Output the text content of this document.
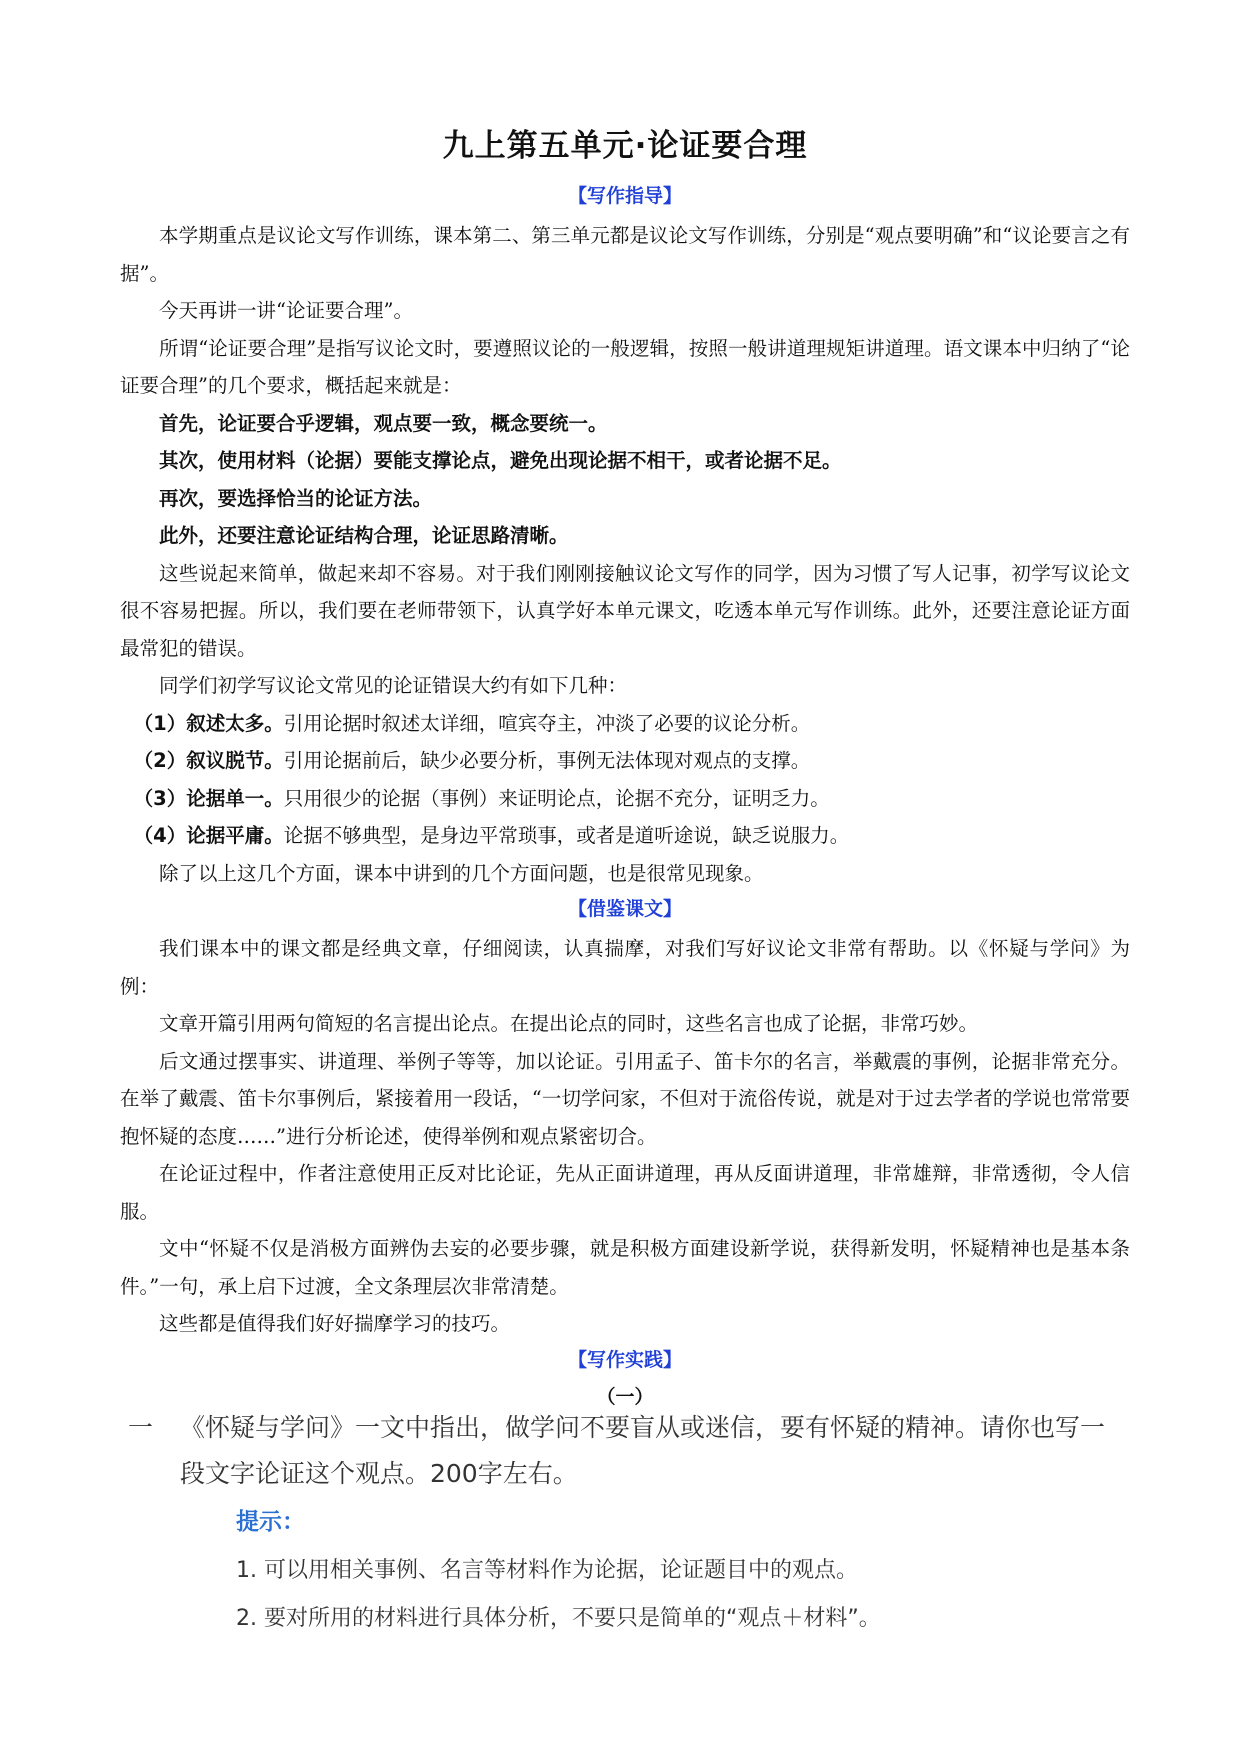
九上第五单元·论证要合理
【写作指导】

本学期重点是议论文写作训练，课本第二、第三单元都是议论文写作训练，分别是“观点要明确”和“议论要言之有据”。

今天再讲一讲“论证要合理”。

所谓“论证要合理”是指写议论文时，要遵照议论的一般逻辑，按照一般讲道理规矩讲道理。语文课本中归纳了“论证要合理”的几个要求，概括起来就是：

首先，论证要合乎逻辑，观点要一致，概念要统一。

其次，使用材料（论据）要能支撑论点，避免出现论据不相干，或者论据不足。

再次，要选择恰当的论证方法。

此外，还要注意论证结构合理，论证思路清晰。

这些说起来简单，做起来却不容易。对于我们刚刚接触议论文写作的同学，因为习惯了写人记事，初学写议论文很不容易把握。所以，我们要在老师带领下，认真学好本单元课文，吃透本单元写作训练。此外，还要注意论证方面最常犯的错误。

同学们初学写议论文常见的论证错误大约有如下几种：

（1）叙述太多。引用论据时叙述太详细，喧宾夺主，冲淡了必要的议论分析。

（2）叙议脱节。引用论据前后，缺少必要分析，事例无法体现对观点的支撑。

（3）论据单一。只用很少的论据（事例）来证明论点，论据不充分，证明乏力。

（4）论据平庸。论据不够典型，是身边平常琐事，或者是道听途说，缺乏说服力。

除了以上这几个方面，课本中讲到的几个方面问题，也是很常见现象。

【借鉴课文】

我们课本中的课文都是经典文章，仔细阅读，认真揣摩，对我们写好议论文非常有帮助。以《怀疑与学问》为例：

文章开篇引用两句简短的名言提出论点。在提出论点的同时，这些名言也成了论据，非常巧妙。

后文通过摆事实、讲道理、举例子等等，加以论证。引用孟子、笛卡尔的名言，举戴震的事例，论据非常充分。在举了戴震、笛卡尔事例后，紧接着用一段话，“一切学问家，不但对于流俗传说，就是对于过去学者的学说也常常要抱怀疑的态度……”进行分析论述，使得举例和观点紧密切合。

在论证过程中，作者注意使用正反对比论证，先从正面讲道理，再从反面讲道理，非常雄辩，非常透彻，令人信服。

文中“怀疑不仅是消极方面辨伪去妄的必要步骤，就是积极方面建设新学说，获得新发明，怀疑精神也是基本条件。”一句，承上启下过渡，全文条理层次非常清楚。

这些都是值得我们好好揣摩学习的技巧。

【写作实践】
（一）
一 《怀疑与学问》一文中指出，做学问不要盲从或迷信，要有怀疑的精神。请你也写一段文字论证这个观点。200字左右。
提示：
1. 可以用相关事例、名言等材料作为论据，论证题目中的观点。
2. 要对所用的材料进行具体分析，不要只是简单的“观点＋材料”。
